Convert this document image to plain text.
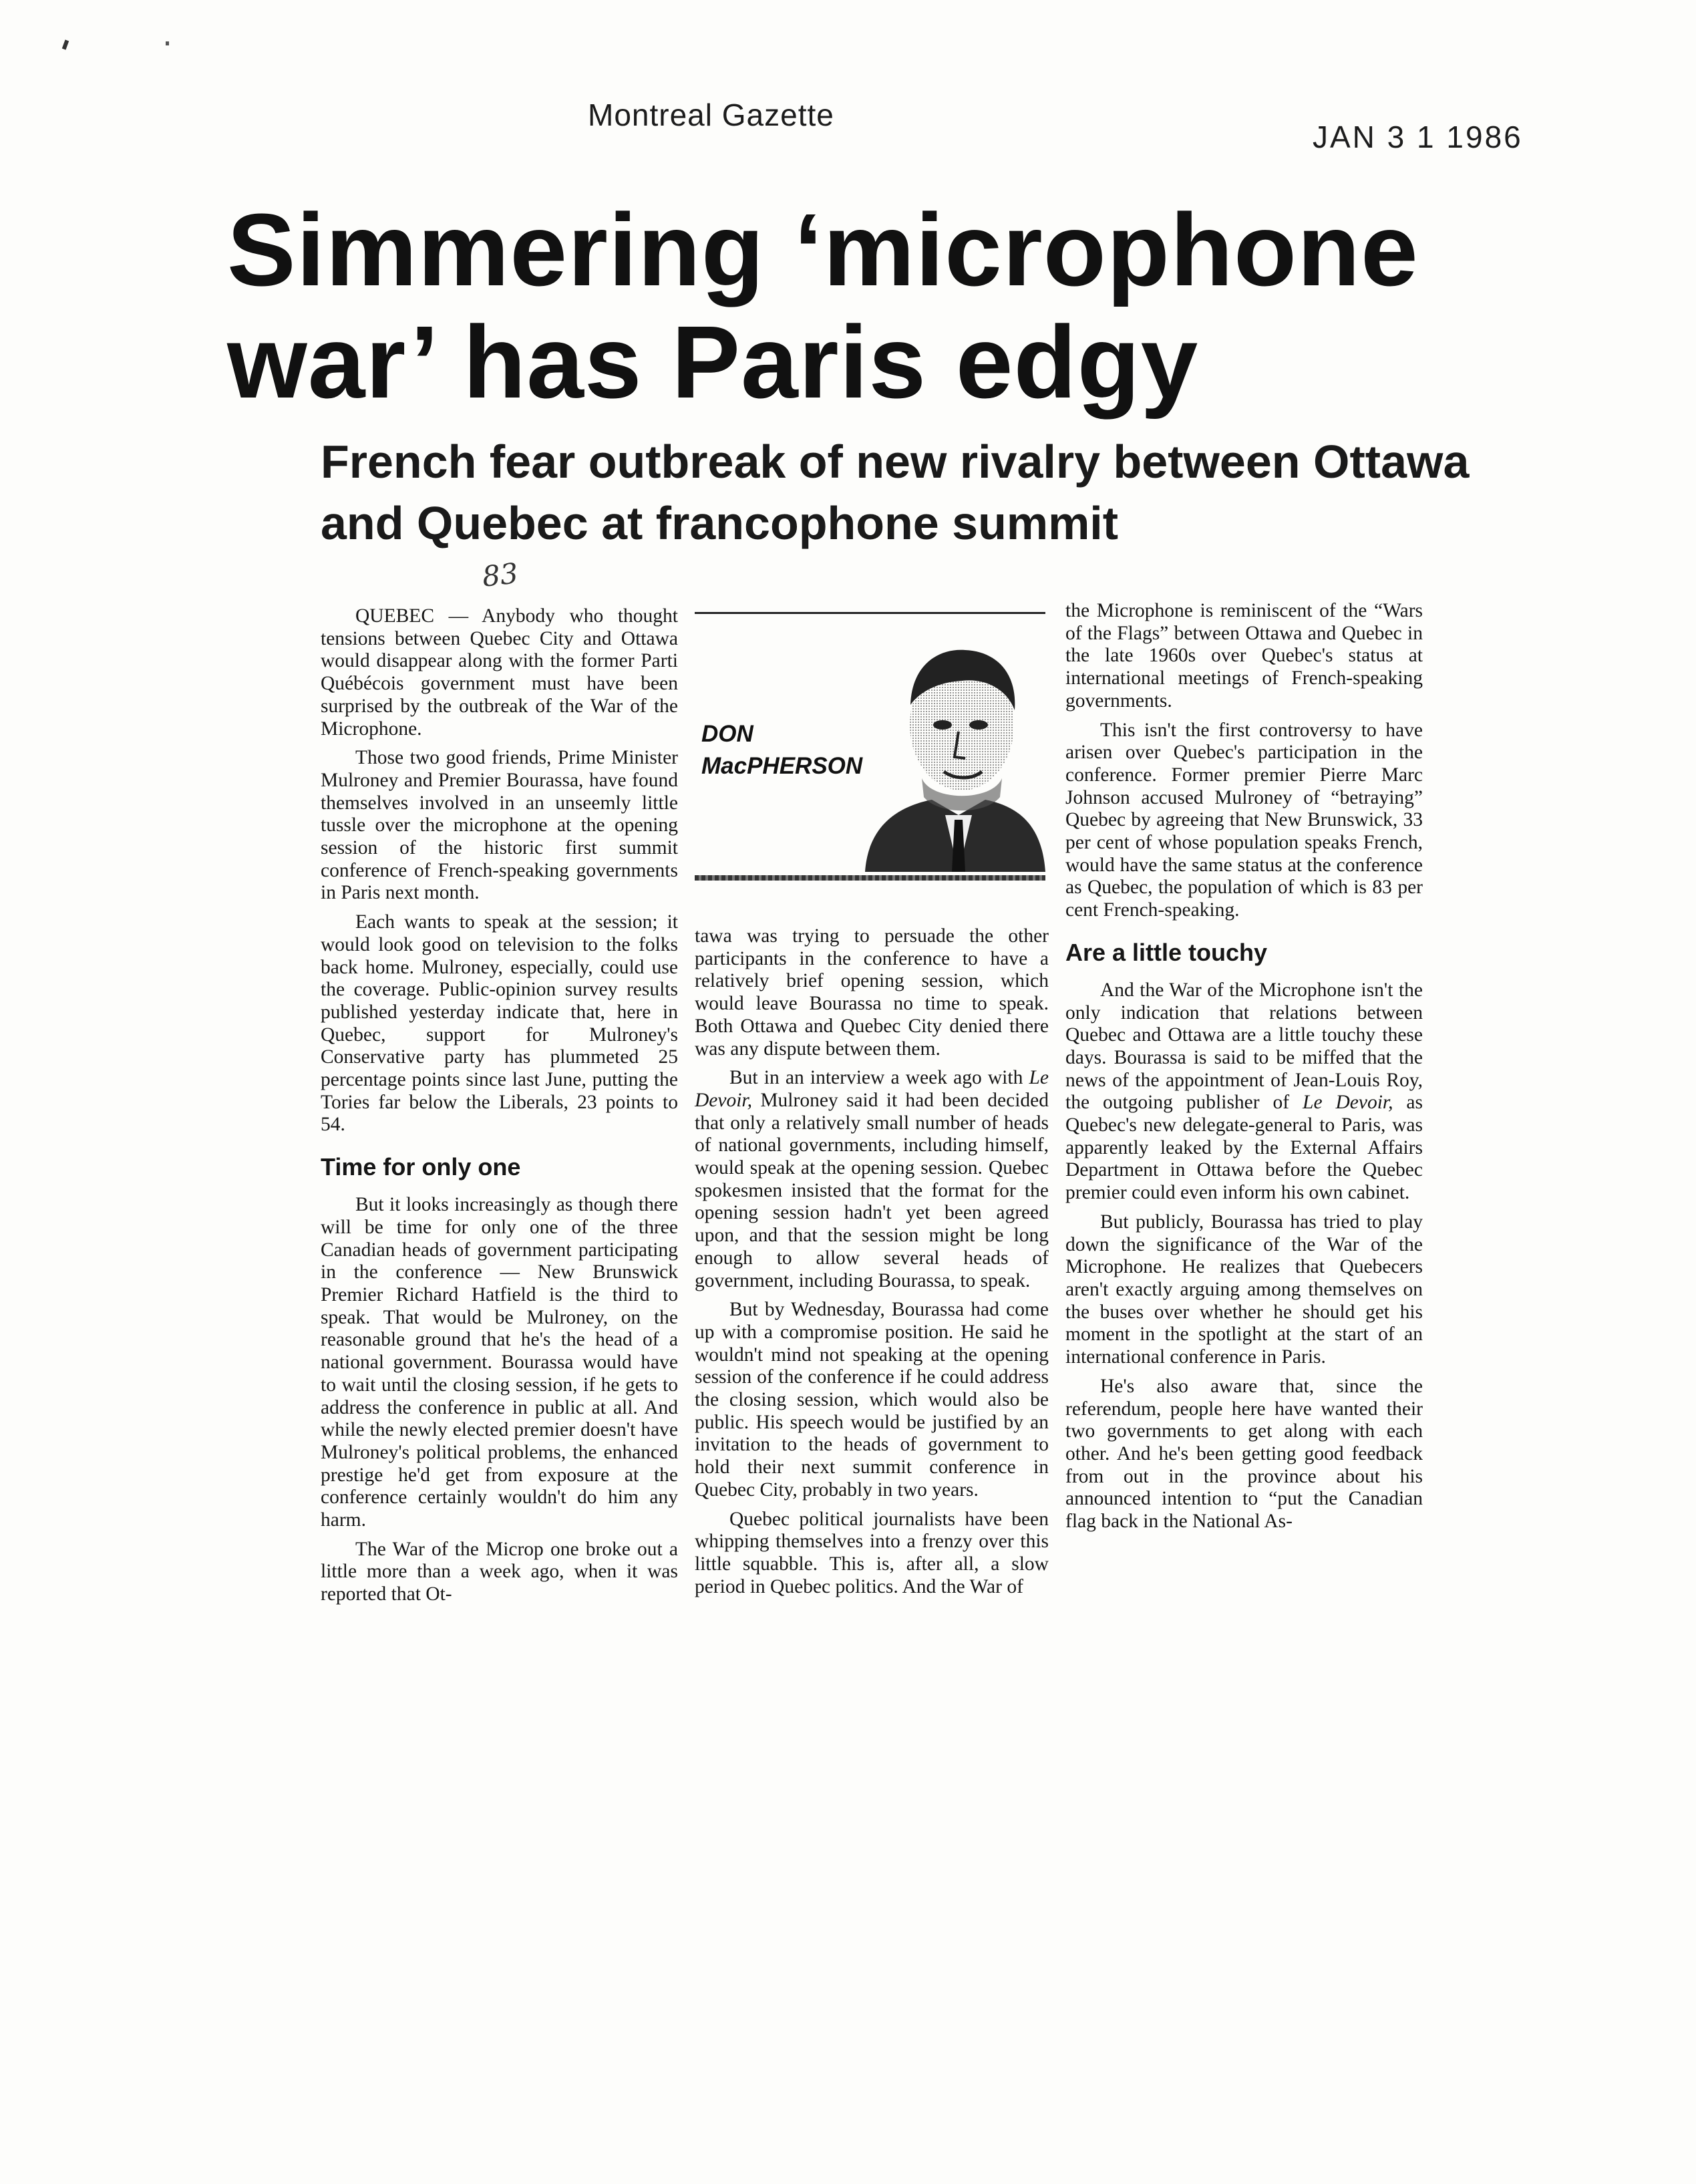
Montreal Gazette
JAN 3 1 1986
Simmering ‘microphone war’ has Paris edgy
French fear outbreak of new rivalry between Ottawa and Quebec at francophone summit
83

QUEBEC — Anybody who thought tensions between Quebec City and Ottawa would disappear along with the former Parti Québécois government must have been surprised by the outbreak of the War of the Microphone.

Those two good friends, Prime Minister Mulroney and Premier Bourassa, have found themselves involved in an unseemly little tussle over the microphone at the opening session of the historic first summit conference of French-speaking governments in Paris next month.

Each wants to speak at the session; it would look good on television to the folks back home. Mulroney, especially, could use the coverage. Public-opinion survey results published yesterday indicate that, here in Quebec, support for Mulroney's Conservative party has plummeted 25 percentage points since last June, putting the Tories far below the Liberals, 23 points to 54.

Time for only one

But it looks increasingly as though there will be time for only one of the three Canadian heads of government participating in the conference — New Brunswick Premier Richard Hatfield is the third to speak. That would be Mulroney, on the reasonable ground that he's the head of a national government. Bourassa would have to wait until the closing session, if he gets to address the conference in public at all. And while the newly elected premier doesn't have Mulroney's political problems, the enhanced prestige he'd get from exposure at the conference certainly wouldn't do him any harm.

The War of the Microp one broke out a little more than a week ago, when it was reported that Ot-

DON
MacPHERSON

tawa was trying to persuade the other participants in the conference to have a relatively brief opening session, which would leave Bourassa no time to speak. Both Ottawa and Quebec City denied there was any dispute between them.

But in an interview a week ago with Le Devoir, Mulroney said it had been decided that only a relatively small number of heads of national governments, including himself, would speak at the opening session. Quebec spokesmen insisted that the format for the opening session hadn't yet been agreed upon, and that the session might be long enough to allow several heads of government, including Bourassa, to speak.

But by Wednesday, Bourassa had come up with a compromise position. He said he wouldn't mind not speaking at the opening session of the conference if he could address the closing session, which would also be public. His speech would be justified by an invitation to the heads of government to hold their next summit conference in Quebec City, probably in two years.

Quebec political journalists have been whipping themselves into a frenzy over this little squabble. This is, after all, a slow period in Quebec politics. And the War of

the Microphone is reminiscent of the “Wars of the Flags” between Ottawa and Quebec in the late 1960s over Quebec's status at international meetings of French-speaking governments.

This isn't the first controversy to have arisen over Quebec's participation in the conference. Former premier Pierre Marc Johnson accused Mulroney of “betraying” Quebec by agreeing that New Brunswick, 33 per cent of whose population speaks French, would have the same status at the conference as Quebec, the population of which is 83 per cent French-speaking.

Are a little touchy

And the War of the Microphone isn't the only indication that relations between Quebec and Ottawa are a little touchy these days. Bourassa is said to be miffed that the news of the appointment of Jean-Louis Roy, the outgoing publisher of Le Devoir, as Quebec's new delegate-general to Paris, was apparently leaked by the External Affairs Department in Ottawa before the Quebec premier could even inform his own cabinet.

But publicly, Bourassa has tried to play down the significance of the War of the Microphone. He realizes that Quebecers aren't exactly arguing among themselves on the buses over whether he should get his moment in the spotlight at the start of an international conference in Paris.

He's also aware that, since the referendum, people here have wanted their two governments to get along with each other. And he's been getting good feedback from out in the province about his announced intention to “put the Canadian flag back in the National As-
